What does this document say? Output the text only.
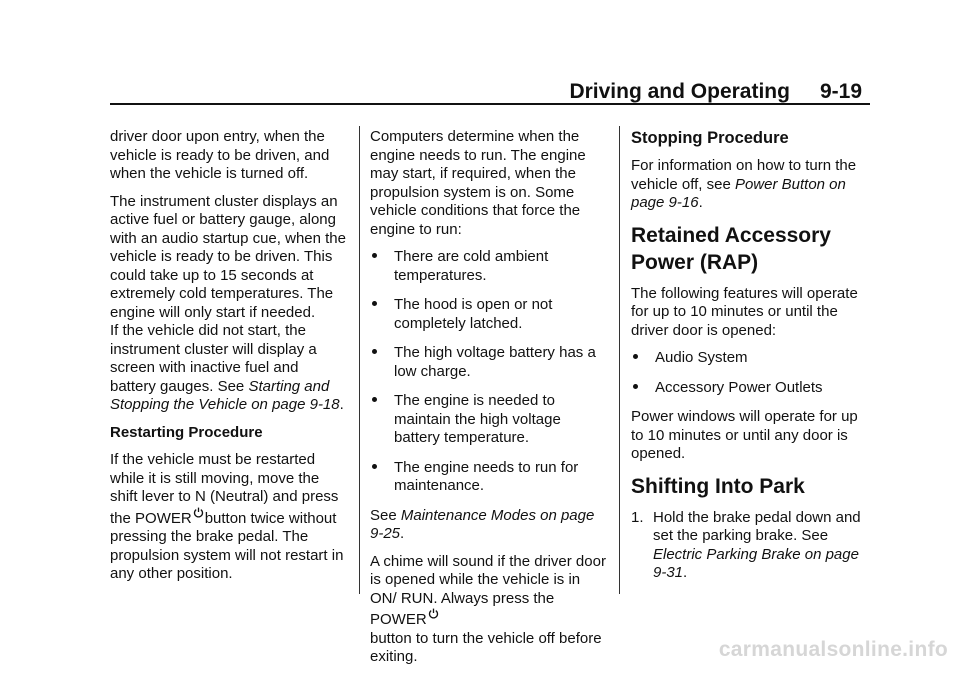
Driving and Operating 9-19

driver door upon entry, when the vehicle is ready to be driven, and when the vehicle is turned off.

The instrument cluster displays an active fuel or battery gauge, along with an audio startup cue, when the vehicle is ready to be driven. This could take up to 15 seconds at extremely cold temperatures. The engine will only start if needed.
If the vehicle did not start, the instrument cluster will display a screen with inactive fuel and battery gauges. See Starting and Stopping the Vehicle on page 9-18.

Restarting Procedure

If the vehicle must be restarted while it is still moving, move the shift lever to N (Neutral) and press the POWER button twice without pressing the brake pedal. The propulsion system will not restart in any other position.

Computers determine when the engine needs to run. The engine may start, if required, when the propulsion system is on. Some vehicle conditions that force the engine to run:

There are cold ambient temperatures.
The hood is open or not completely latched.
The high voltage battery has a low charge.
The engine is needed to maintain the high voltage battery temperature.
The engine needs to run for maintenance.

See Maintenance Modes on page 9-25.

A chime will sound if the driver door is opened while the vehicle is in ON/ RUN. Always press the POWER

button to turn the vehicle off before exiting.

Stopping Procedure

For information on how to turn the vehicle off, see Power Button on page 9-16.

Retained Accessory Power (RAP)

The following features will operate for up to 10 minutes or until the driver door is opened:

Audio System
Accessory Power Outlets

Power windows will operate for up to 10 minutes or until any door is opened.

Shifting Into Park

1. Hold the brake pedal down and set the parking brake. See Electric Parking Brake on page 9-31.
carmanualsonline.info
